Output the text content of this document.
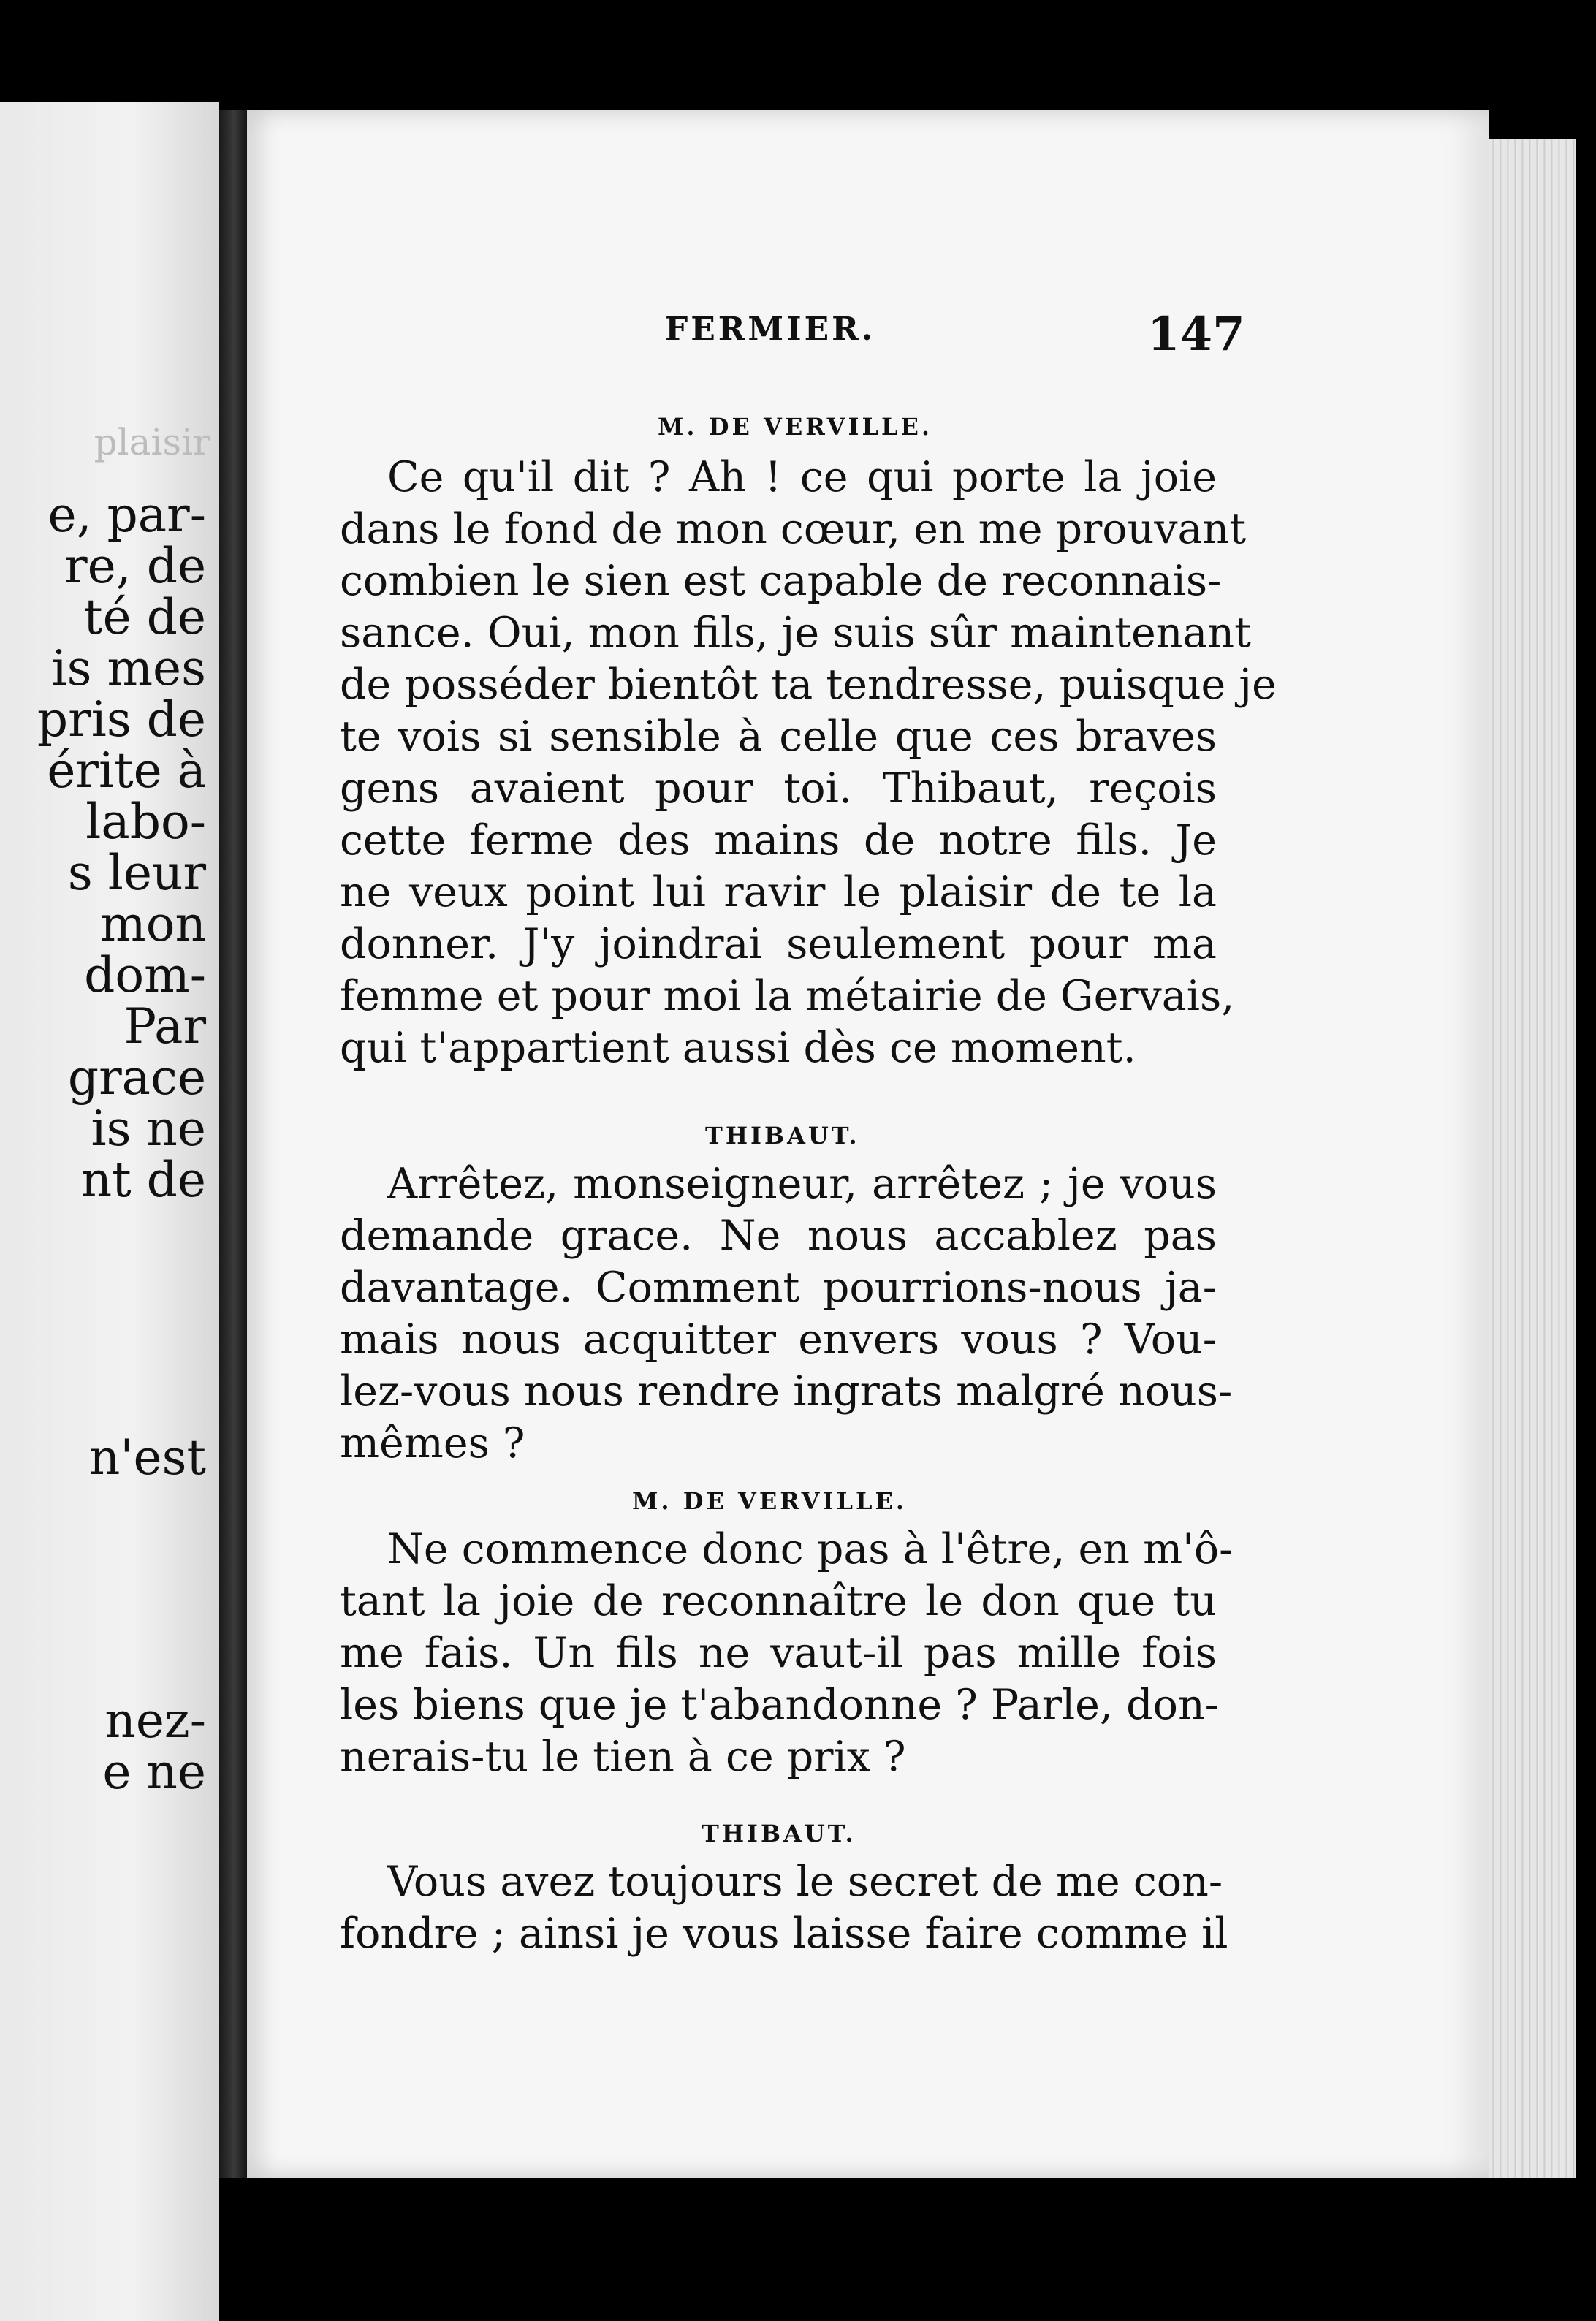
plaisir
e, par-
re, de
té de
is mes
pris de
érite à
labo-
s leur
mon
dom-
Par
grace
is ne
nt de
n'est
nez-
e ne
FERMIER.	147
M. DE VERVILLE.
Ce qu'il dit ? Ah ! ce qui porte la joie
dans le fond de mon cœur, en me prouvant
combien le sien est capable de reconnais-
sance. Oui, mon fils, je suis sûr maintenant
de posséder bientôt ta tendresse, puisque je
te vois si sensible à celle que ces braves
gens avaient pour toi. Thibaut, reçois
cette ferme des mains de notre fils. Je
ne veux point lui ravir le plaisir de te la
donner. J'y joindrai seulement pour ma
femme et pour moi la métairie de Gervais,
qui t'appartient aussi dès ce moment.
THIBAUT.
Arrêtez, monseigneur, arrêtez ; je vous
demande grace. Ne nous accablez pas
davantage. Comment pourrions-nous ja-
mais nous acquitter envers vous ? Vou-
lez-vous nous rendre ingrats malgré nous-
mêmes ?
M. DE VERVILLE.
Ne commence donc pas à l'être, en m'ô-
tant la joie de reconnaître le don que tu
me fais. Un fils ne vaut-il pas mille fois
les biens que je t'abandonne ? Parle, don-
nerais-tu le tien à ce prix ?
THIBAUT.
Vous avez toujours le secret de me con-
fondre ; ainsi je vous laisse faire comme il
